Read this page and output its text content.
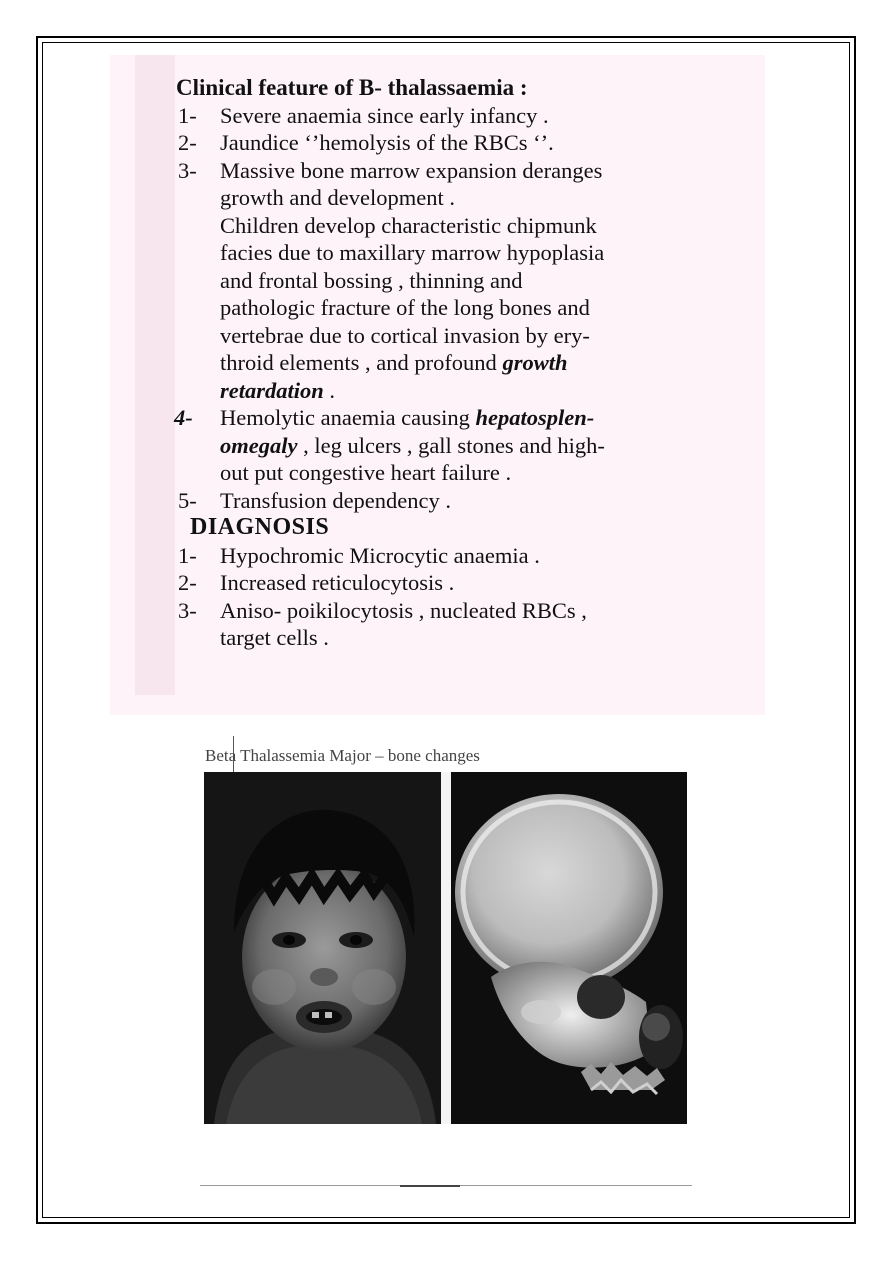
Clinical feature of B- thalassaemia :
1- Severe anaemia since early infancy .
2- Jaundice ‘’hemolysis of the RBCs ‘’.
3- Massive bone marrow expansion deranges
growth and development .
Children develop characteristic chipmunk
facies due to maxillary marrow hypoplasia
and frontal bossing , thinning and
pathologic fracture of the long bones and
vertebrae due to cortical invasion by ery-
throid elements , and profound growth
retardation .
4- Hemolytic anaemia causing hepatosplen-
omegaly , leg ulcers , gall stones and high-
out put congestive heart failure .
5- Transfusion dependency .
DIAGNOSIS
1- Hypochromic Microcytic anaemia .
2- Increased reticulocytosis .
3- Aniso- poikilocytosis , nucleated RBCs ,
target cells .
Beta Thalassemia Major – bone changes
